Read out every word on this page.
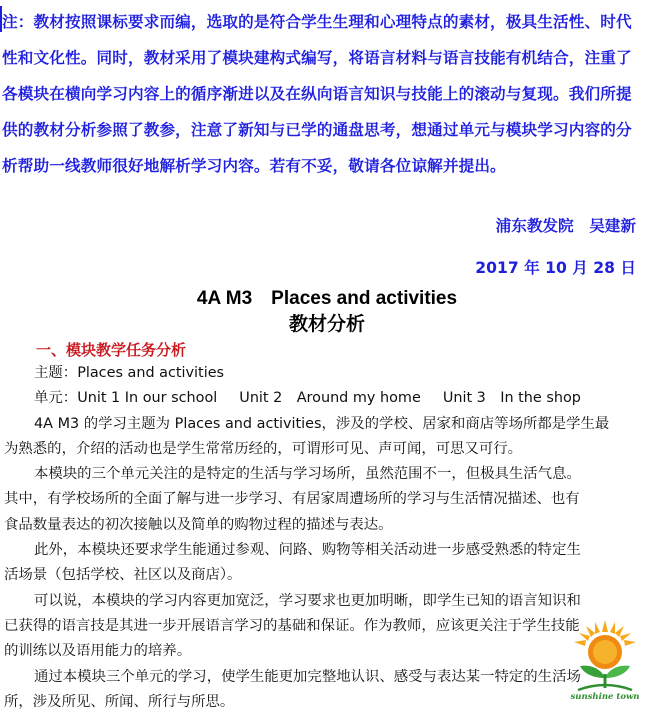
注：教材按照课标要求而编，选取的是符合学生生理和心理特点的素材，极具生活性、时代

性和文化性。同时，教材采用了模块建构式编写，将语言材料与语言技能有机结合，注重了

各模块在横向学习内容上的循序渐进以及在纵向语言知识与技能上的滚动与复现。我们所提

供的教材分析参照了教参，注意了新知与已学的通盘思考，想通过单元与模块学习内容的分

析帮助一线教师很好地解析学习内容。若有不妥，敬请各位谅解并提出。

浦东教发院　吴建新
2017 年 10 月 28 日
4A M3　Places and activities
教材分析
一、模块教学任务分析

主题：Places and activities

单元：Unit 1 In our school Unit 2　Around my home Unit 3　In the shop

4A M3 的学习主题为 Places and activities，涉及的学校、居家和商店等场所都是学生最

为熟悉的，介绍的活动也是学生常常历经的，可谓形可见、声可闻，可思又可行。

本模块的三个单元关注的是特定的生活与学习场所，虽然范围不一，但极具生活气息。

其中，有学校场所的全面了解与进一步学习、有居家周遭场所的学习与生活情况描述、也有

食品数量表达的初次接触以及简单的购物过程的描述与表达。

此外，本模块还要求学生能通过参观、问路、购物等相关活动进一步感受熟悉的特定生

活场景（包括学校、社区以及商店）。

可以说，本模块的学习内容更加宽泛，学习要求也更加明晰，即学生已知的语言知识和

已获得的语言技是其进一步开展语言学习的基础和保证。作为教师，应该更关注于学生技能

的训练以及语用能力的培养。

通过本模块三个单元的学习，使学生能更加完整地认识、感受与表达某一特定的生活场

所，涉及所见、所闻、所行与所思。	sunshine town
